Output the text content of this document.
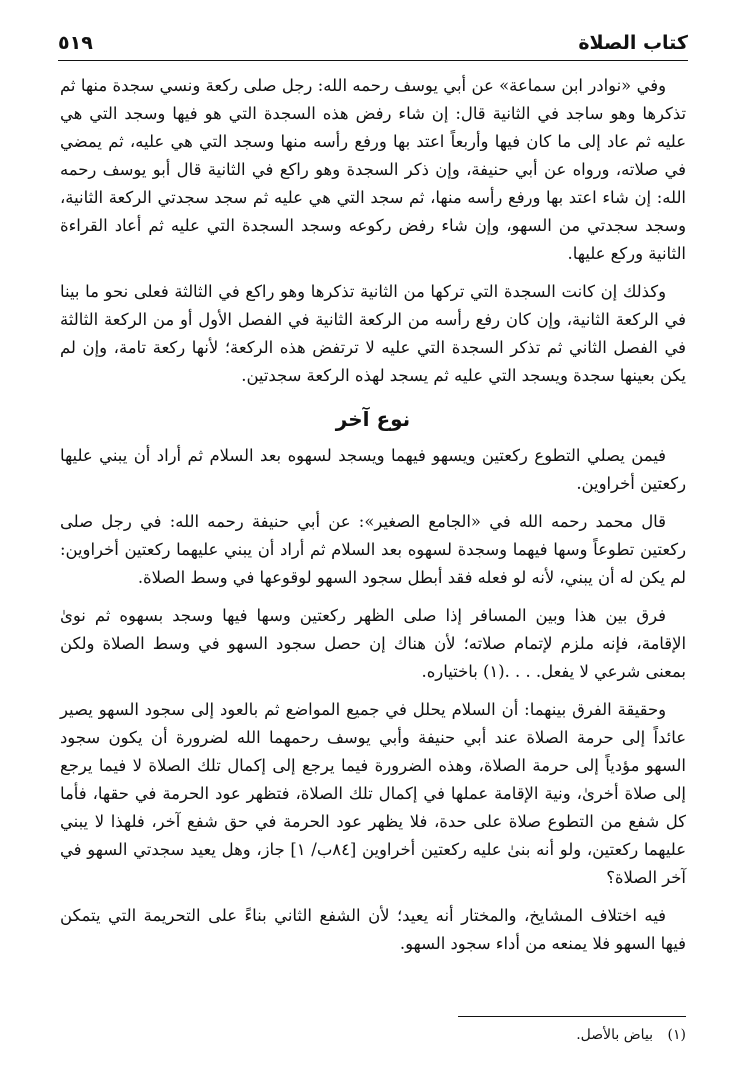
كتاب الصلاة
٥١٩

وفي «نوادر ابن سماعة» عن أبي يوسف رحمه الله: رجل صلى ركعة ونسي سجدة منها ثم تذكرها وهو ساجد في الثانية قال: إن شاء رفض هذه السجدة التي هو فيها وسجد التي هي عليه ثم عاد إلى ما كان فيها وأربعاً اعتد بها ورفع رأسه منها وسجد التي هي عليه، ثم يمضي في صلاته، ورواه عن أبي حنيفة، وإن ذكر السجدة وهو راكع في الثانية قال أبو يوسف رحمه الله: إن شاء اعتد بها ورفع رأسه منها، ثم سجد التي هي عليه ثم سجد سجدتي الركعة الثانية، وسجد سجدتي من السهو، وإن شاء رفض ركوعه وسجد السجدة التي عليه ثم أعاد القراءة الثانية وركع عليها.

وكذلك إن كانت السجدة التي تركها من الثانية تذكرها وهو راكع في الثالثة فعلى نحو ما بينا في الركعة الثانية، وإن كان رفع رأسه من الركعة الثانية في الفصل الأول أو من الركعة الثالثة في الفصل الثاني ثم تذكر السجدة التي عليه لا ترتفض هذه الركعة؛ لأنها ركعة تامة، وإن لم يكن بعينها سجدة ويسجد التي عليه ثم يسجد لهذه الركعة سجدتين.

نوع آخر

فيمن يصلي التطوع ركعتين ويسهو فيهما ويسجد لسهوه بعد السلام ثم أراد أن يبني عليها ركعتين أخراوين.

قال محمد رحمه الله في «الجامع الصغير»: عن أبي حنيفة رحمه الله: في رجل صلى ركعتين تطوعاً وسها فيهما وسجدة لسهوه بعد السلام ثم أراد أن يبني عليهما ركعتين أخراوين: لم يكن له أن يبني، لأنه لو فعله فقد أبطل سجود السهو لوقوعها في وسط الصلاة.

فرق بين هذا وبين المسافر إذا صلى الظهر ركعتين وسها فيها وسجد بسهوه ثم نوىٰ الإقامة، فإنه ملزم لإتمام صلاته؛ لأن هناك إن حصل سجود السهو في وسط الصلاة ولكن بمعنى شرعي لا يفعل. . . .(١) باختياره.

وحقيقة الفرق بينهما: أن السلام يحلل في جميع المواضع ثم بالعود إلى سجود السهو يصير عائداً إلى حرمة الصلاة عند أبي حنيفة وأبي يوسف رحمهما الله لضرورة أن يكون سجود السهو مؤدياً إلى حرمة الصلاة، وهذه الضرورة فيما يرجع إلى إكمال تلك الصلاة لا فيما يرجع إلى صلاة أخرىٰ، ونية الإقامة عملها في إكمال تلك الصلاة، فتظهر عود الحرمة في حقها، فأما كل شفع من التطوع صلاة على حدة، فلا يظهر عود الحرمة في حق شفع آخر، فلهذا لا يبني عليهما ركعتين، ولو أنه بنىٰ عليه ركعتين أخراوين [٨٤ب/ ١] جاز، وهل يعيد سجدتي السهو في آخر الصلاة؟

فيه اختلاف المشايخ، والمختار أنه يعيد؛ لأن الشفع الثاني بناءً على التحريمة التي يتمكن فيها السهو فلا يمنعه من أداء سجود السهو.

(١) بياض بالأصل.
